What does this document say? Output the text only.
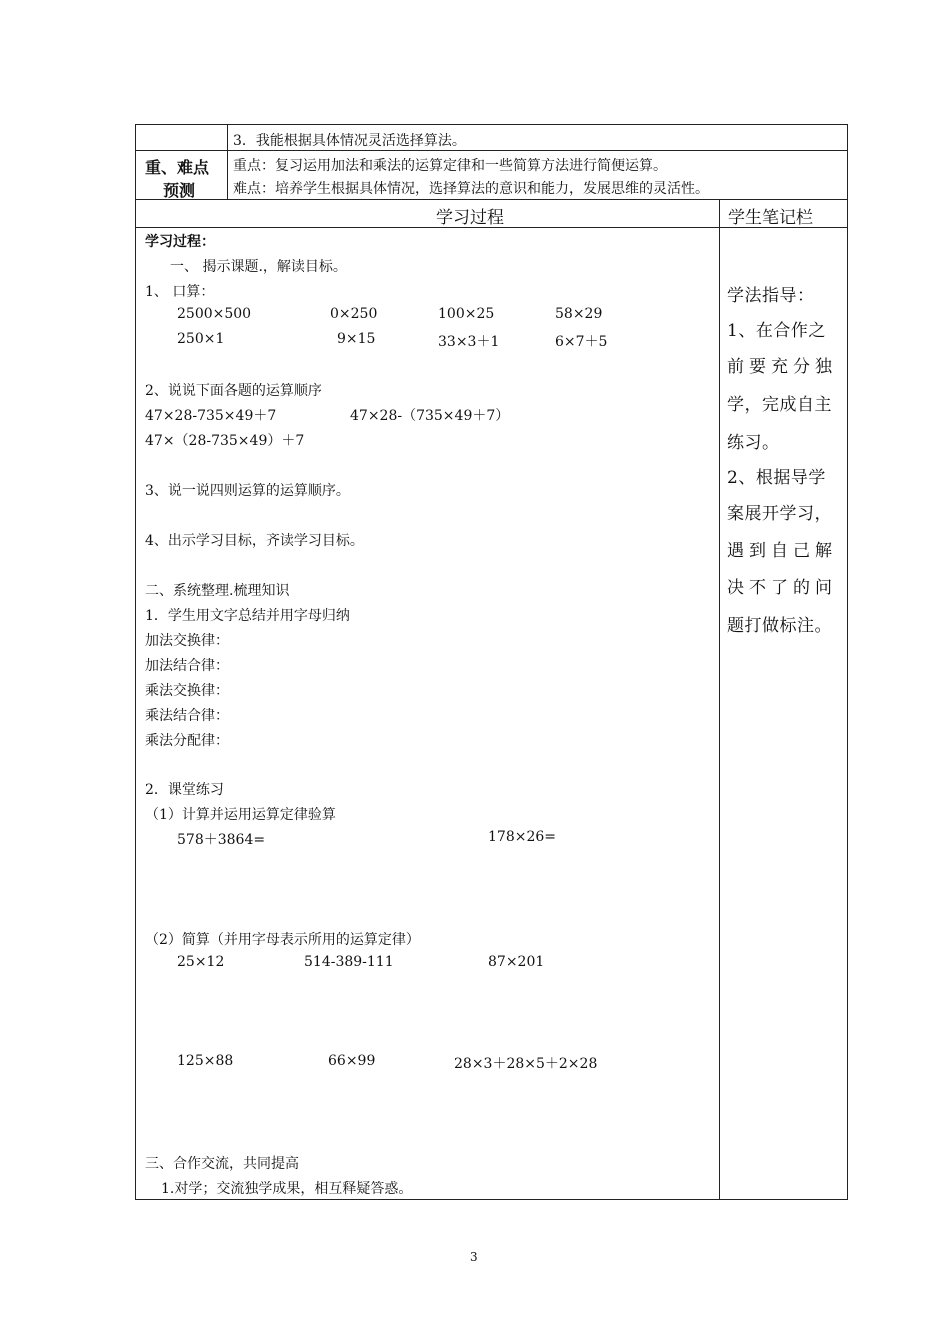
3．我能根据具体情况灵活选择算法。
重、难点
预测
重点：复习运用加法和乘法的运算定律和一些简算方法进行简便运算。
难点：培养学生根据具体情况，选择算法的意识和能力，发展思维的灵活性。
学习过程	学生笔记栏
学习过程：
一、 揭示课题.，解读目标。
1、 口算：
2500×500	0×250	100×25	58×29
250×1	9×15	33×3＋1	6×7＋5
2、说说下面各题的运算顺序
47×28-735×49＋7	47×28-（735×49＋7）
47×（28-735×49）＋7
3、说一说四则运算的运算顺序。
4、出示学习目标，齐读学习目标。
二、系统整理.梳理知识
1．学生用文字总结并用字母归纳
加法交换律：
加法结合律：
乘法交换律：
乘法结合律：
乘法分配律：
2．课堂练习
（1）计算并运用运算定律验算
578＋3864=	178×26=
（2）简算（并用字母表示所用的运算定律）
25×12	514-389-111	87×201
125×88	66×99	28×3＋28×5＋2×28
三、合作交流，共同提高
1.对学；交流独学成果，相互释疑答惑。
学法指导：
1、在合作之
前要充分独
学，完成自主
练习。
2、根据导学
案展开学习，
遇到自己解
决不了的问
题打做标注。
3
